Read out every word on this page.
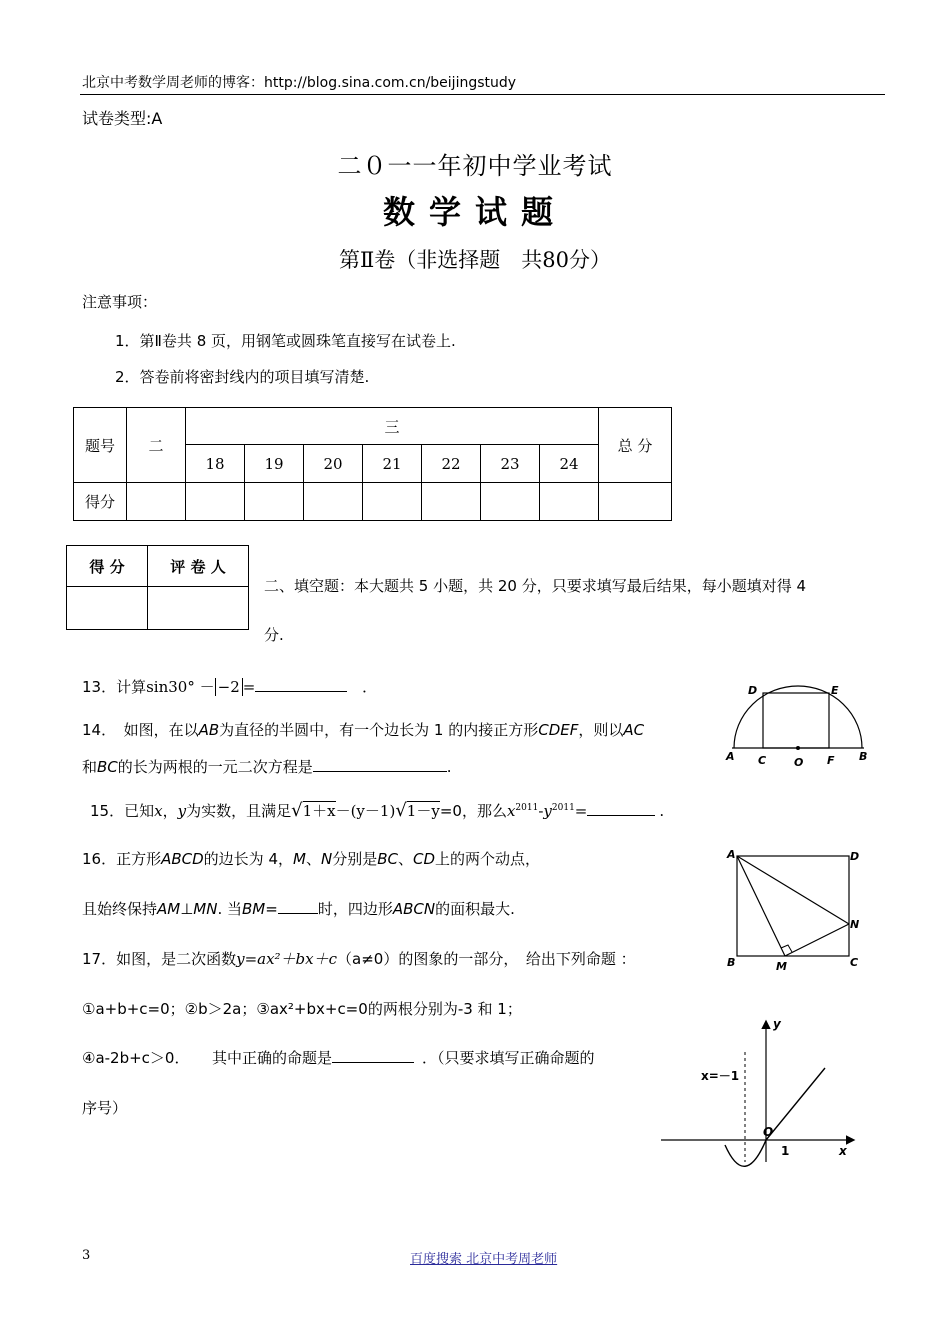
北京中考数学周老师的博客：http://blog.sina.com.cn/beijingstudy
试卷类型:A
二０一一年初中学业考试
数学试题
第Ⅱ卷（非选择题　共80分）
注意事项：
1．第Ⅱ卷共 8 页，用钢笔或圆珠笔直接写在试卷上.
2．答卷前将密封线内的项目填写清楚.
题号	二	三							总 分
		18	19	20	21	22	23	24	
得分									
得 分	评 卷 人

二、填空题：本大题共 5 小题，共 20 分，只要求填写最后结果，每小题填对得 4
分.
13．计算sin30° － −2 =	．
14．　如图，在以AB为直径的半圆中，有一个边长为 1 的内接正方形CDEF，则以AC
和BC的长为两根的一元二次方程是	.
A	B
C	O F
D	E
15．已知x，y为实数，且满足√1＋x－(y－1)√1－y=0，那么$x^{2011}-y^{2011}=$	.
16．正方形ABCD的边长为 4，M、N分别是BC、CD上的两个动点，
且始终保持AM⊥MN. 当BM=	时，四边形ABCN的面积最大.
A	D
B	C
M
N
17．如图，是二次函数y=ax²＋bx＋c（a≠0）的图象的一部分，　给出下列命题 ：
①a+b+c=0；②b＞2a；③ax²+bx+c=0的两根分别为-3 和 1；
④a-2b+c＞0．　　其中正确的命题是	．（只要求填写正确命题的
序号）
y
x
x=－1
O
1
3	百度搜索 北京中考周老师
